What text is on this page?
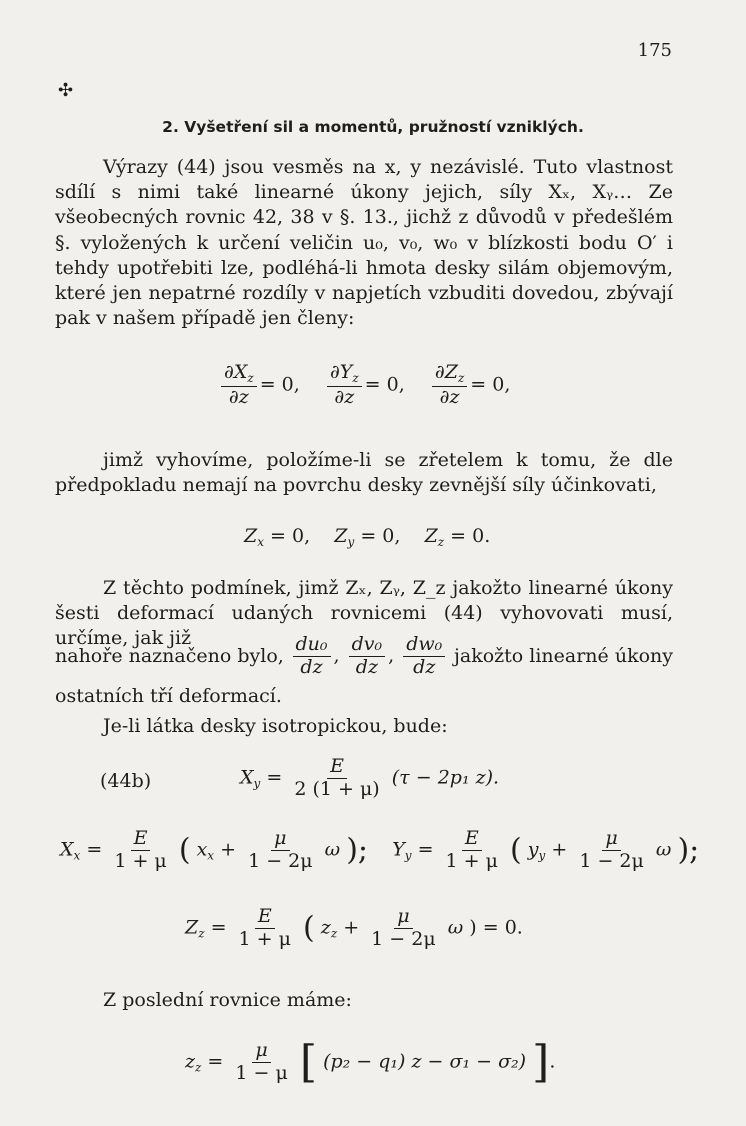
175
✣
2. Vyšetření sil a momentů, pružností vzniklých.

Výrazy (44) jsou vesměs na x, y nezávislé. Tuto vlastnost sdílí s nimi také linearné úkony jejich, síly Xₓ, Xᵧ… Ze všeobecných rovnic 42, 38 v §. 13., jichž z důvodů v předešlém §. vyložených k určení veličin u₀, v₀, w₀ v blízkosti bodu O′ i tehdy upotřebiti lze, podléhá-li hmota desky silám objemovým, které jen nepatrné rozdíly v napjetích vzbuditi dovedou, zbývají pak v našem případě jen členy:

$\frac{\partial X_z}{\partial z} = 0$, $\frac{\partial Y_z}{\partial z} = 0$, $\frac{\partial Z_z}{\partial z} = 0$,

jimž vyhovíme, položíme-li se zřetelem k tomu, že dle předpokladu nemají na povrchu desky zevnější síly účinkovati,

$Z_x = 0$, $Z_y = 0$, $Z_z = 0$.

Z těchto podmínek, jimž Zₓ, Zᵧ, Z_z jakožto linearné úkony šesti deformací udaných rovnicemi (44) vyhovovati musí, určíme, jak již

nahoře naznačeno bylo, $\frac{\text{du₀}}{dz}$ , $\frac{\text{dv₀}}{dz}$ , $\frac{\text{dw₀}}{dz}$ jakožto linearné úkony

ostatních tří deformací.

Je-li látka desky isotropickou, bude:

(44b)	$X_y = \frac{E}{2 (1 + \mu)} (\tau - 2p_1$ z).
$X_x = \frac{E}{1 + \mu}$ ( $x_x + \frac{\mu}{1 - 2\mu}$ ω ); $Y_y = \frac{E}{1 + \mu}$ ( $y_y + \frac{\mu}{1 - 2\mu}$ ω );
$Z_z = \frac{E}{1 + \mu}$ ( $z_z + \frac{\mu}{1 - 2\mu}$ ω ) = 0.

Z poslední rovnice máme:

$z_z = \frac{\mu}{1 - \mu}$ [ (p₂ − q₁) z − σ₁ − σ₂) ].
